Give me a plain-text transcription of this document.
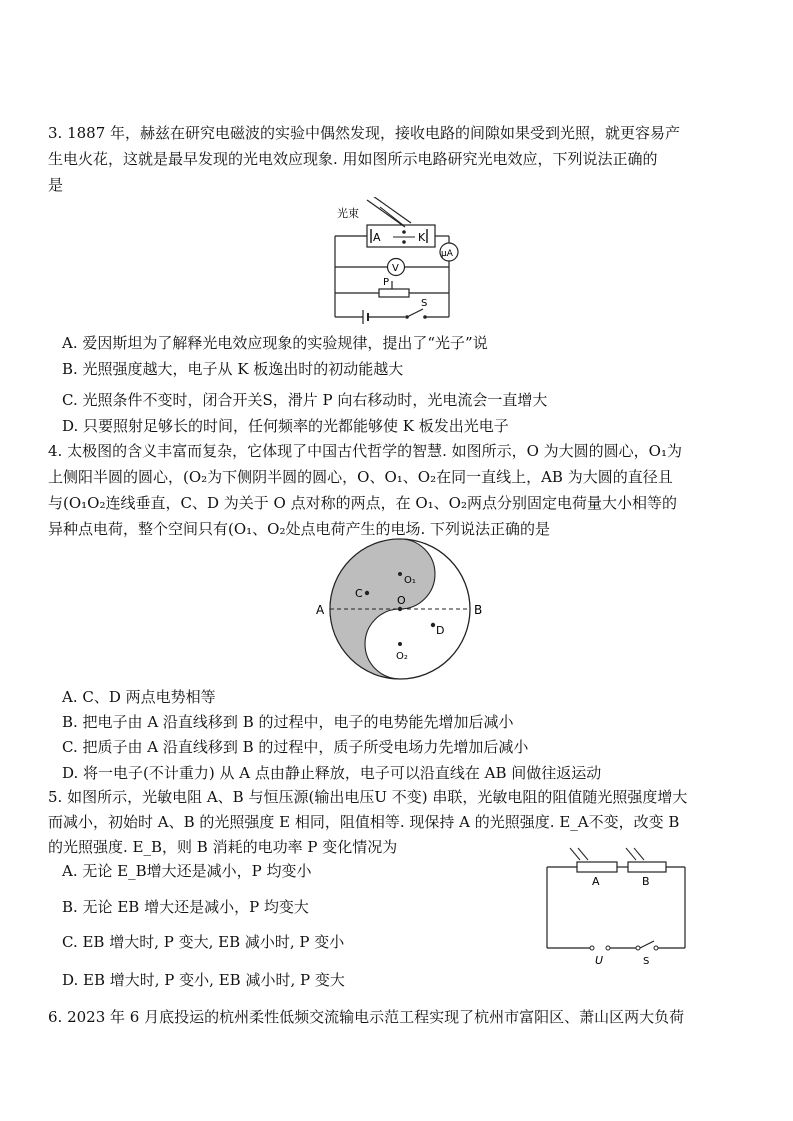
3. 1887 年，赫兹在研究电磁波的实验中偶然发现，接收电路的间隙如果受到光照，就更容易产
生电火花，这就是最早发现的光电效应现象. 用如图所示电路研究光电效应，下列说法正确的
是
光束
A	K
μA
V
P
S
A. 爱因斯坦为了解释光电效应现象的实验规律，提出了“光子”说
B. 光照强度越大，电子从 K 板逸出时的初动能越大
C. 光照条件不变时，闭合开关S，滑片 P 向右移动时，光电流会一直增大
D. 只要照射足够长的时间，任何频率的光都能够使 K 板发出光电子
4. 太极图的含义丰富而复杂，它体现了中国古代哲学的智慧. 如图所示，O 为大圆的圆心，O₁为
上侧阳半圆的圆心，(O₂为下侧阴半圆的圆心，O、O₁、O₂在同一直线上，AB 为大圆的直径且
与(O₁O₂连线垂直，C、D 为关于 O 点对称的两点，在 O₁、O₂两点分别固定电荷量大小相等的
异种点电荷，整个空间只有(O₁、O₂处点电荷产生的电场. 下列说法正确的是
A	B
O
C
D
O₁
O₂
A. C、D 两点电势相等
B. 把电子由 A 沿直线移到 B 的过程中，电子的电势能先增加后减小
C. 把质子由 A 沿直线移到 B 的过程中，质子所受电场力先增加后减小
D. 将一电子(不计重力) 从 A 点由静止释放，电子可以沿直线在 AB 间做往返运动
5. 如图所示，光敏电阻 A、B 与恒压源(输出电压U 不变) 串联，光敏电阻的阻值随光照强度增大
而减小，初始时 A、B 的光照强度 E 相同，阻值相等. 现保持 A 的光照强度. E_A不变，改变 B
的光照强度. E_B，则 B 消耗的电功率 P 变化情况为
A	B
U	S
A. 无论 E_B增大还是减小，P 均变小
B. 无论 EB 增大还是减小，P 均变大
C. EB 增大时, P 变大, EB 减小时, P 变小
D. EB 增大时, P 变小, EB 减小时, P 变大
6. 2023 年 6 月底投运的杭州柔性低频交流输电示范工程实现了杭州市富阳区、萧山区两大负荷
